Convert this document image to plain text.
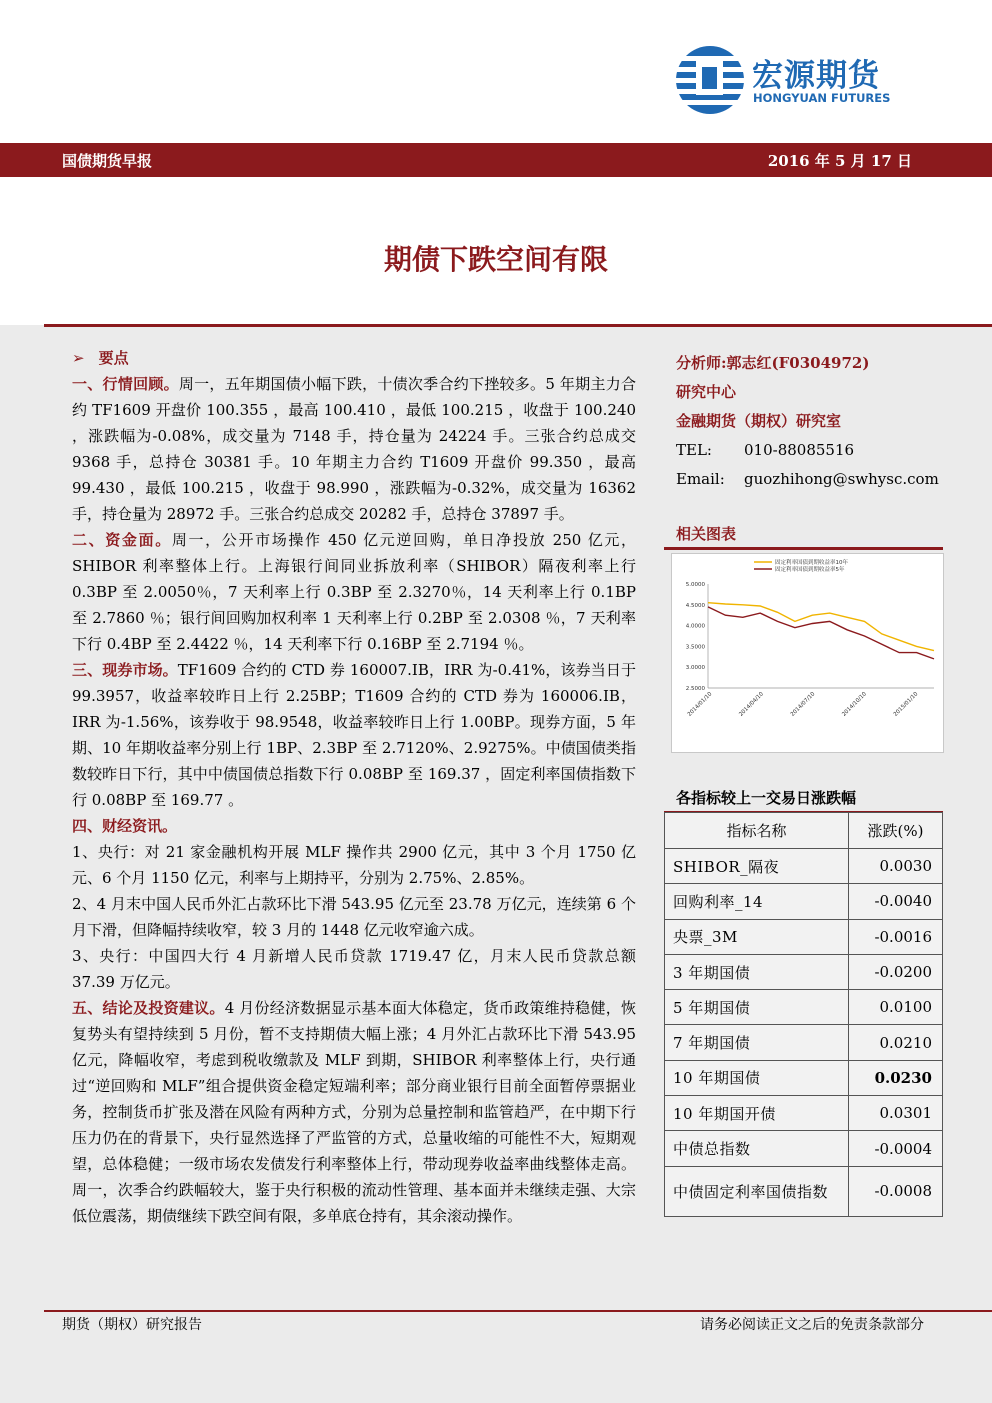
宏源期货
HONGYUAN FUTURES
期债下跌空间有限
国债期货早报	2016 年 5 月 17 日

➢ 要点

一、行情回顾。周一，五年期国债小幅下跌，十债次季合约下挫较多。5 年期主力合约 TF1609 开盘价 100.355 ，最高 100.410 ，最低 100.215 ，收盘于 100.240 ，涨跌幅为-0.08%，成交量为 7148 手，持仓量为 24224 手。三张合约总成交 9368 手，总持仓 30381 手。10 年期主力合约 T1609 开盘价 99.350 ，最高 99.430 ，最低 100.215 ，收盘于 98.990 ，涨跌幅为-0.32%，成交量为 16362 手，持仓量为 28972 手。三张合约总成交 20282 手，总持仓 37897 手。

二、资金面。周一，公开市场操作 450 亿元逆回购，单日净投放 250 亿元，SHIBOR 利率整体上行。上海银行间同业拆放利率（SHIBOR）隔夜利率上行 0.3BP 至 2.0050％，7 天利率上行 0.3BP 至 2.3270％，14 天利率上行 0.1BP 至 2.7860 ％；银行间回购加权利率 1 天利率上行 0.2BP 至 2.0308 ％，7 天利率下行 0.4BP 至 2.4422 ％，14 天利率下行 0.16BP 至 2.7194 ％。

三、现券市场。TF1609 合约的 CTD 券 160007.IB，IRR 为-0.41%，该券当日于 99.3957，收益率较昨日上行 2.25BP；T1609 合约的 CTD 券为 160006.IB，IRR 为-1.56%，该券收于 98.9548，收益率较昨日上行 1.00BP。现券方面，5 年期、10 年期收益率分别上行 1BP、2.3BP 至 2.7120%、2.9275%。中债国债类指数较昨日下行，其中中债国债总指数下行 0.08BP 至 169.37 ，固定利率国债指数下行 0.08BP 至 169.77 。

四、财经资讯。

1、央行：对 21 家金融机构开展 MLF 操作共 2900 亿元，其中 3 个月 1750 亿元、6 个月 1150 亿元，利率与上期持平，分别为 2.75%、2.85%。

2、4 月末中国人民币外汇占款环比下滑 543.95 亿元至 23.78 万亿元，连续第 6 个月下滑，但降幅持续收窄，较 3 月的 1448 亿元收窄逾六成。

3、央行：中国四大行 4 月新增人民币贷款 1719.47 亿，月末人民币贷款总额 37.39 万亿元。

五、结论及投资建议。4 月份经济数据显示基本面大体稳定，货币政策维持稳健，恢复势头有望持续到 5 月份，暂不支持期债大幅上涨；4 月外汇占款环比下滑 543.95 亿元，降幅收窄，考虑到税收缴款及 MLF 到期，SHIBOR 利率整体上行，央行通过“逆回购和 MLF”组合提供资金稳定短端利率；部分商业银行目前全面暂停票据业务，控制货币扩张及潜在风险有两种方式，分别为总量控制和监管趋严，在中期下行压力仍在的背景下，央行显然选择了严监管的方式，总量收缩的可能性不大，短期观望，总体稳健；一级市场农发债发行利率整体上行，带动现券收益率曲线整体走高。周一，次季合约跌幅较大，鉴于央行积极的流动性管理、基本面并未继续走强、大宗低位震荡，期债继续下跌空间有限，多单底仓持有，其余滚动操作。

分析师:郭志红(F0304972)
研究中心
金融期货（期权）研究室
TEL: 010-88085516
Email: guozhihong@swhysc.com
相关图表
5.0000
4.5000
4.0000
3.5000
3.0000
2.5000
2014/01/10	2014/04/10	2014/07/10	2014/10/10	2015/01/10
固定利率国债到期收益率10年
固定利率国债到期收益率5年
各指标较上一交易日涨跌幅
指标名称	涨跌(%)
SHIBOR_隔夜	0.0030
回购利率_14	-0.0040
央票_3M	-0.0016
3 年期国债	-0.0200
5 年期国债	0.0100
7 年期国债	0.0210
10 年期国债	0.0230
10 年期国开债	0.0301
中债总指数	-0.0004
中债固定利率国债指数	-0.0008
期货（期权）研究报告	请务必阅读正文之后的免责条款部分
